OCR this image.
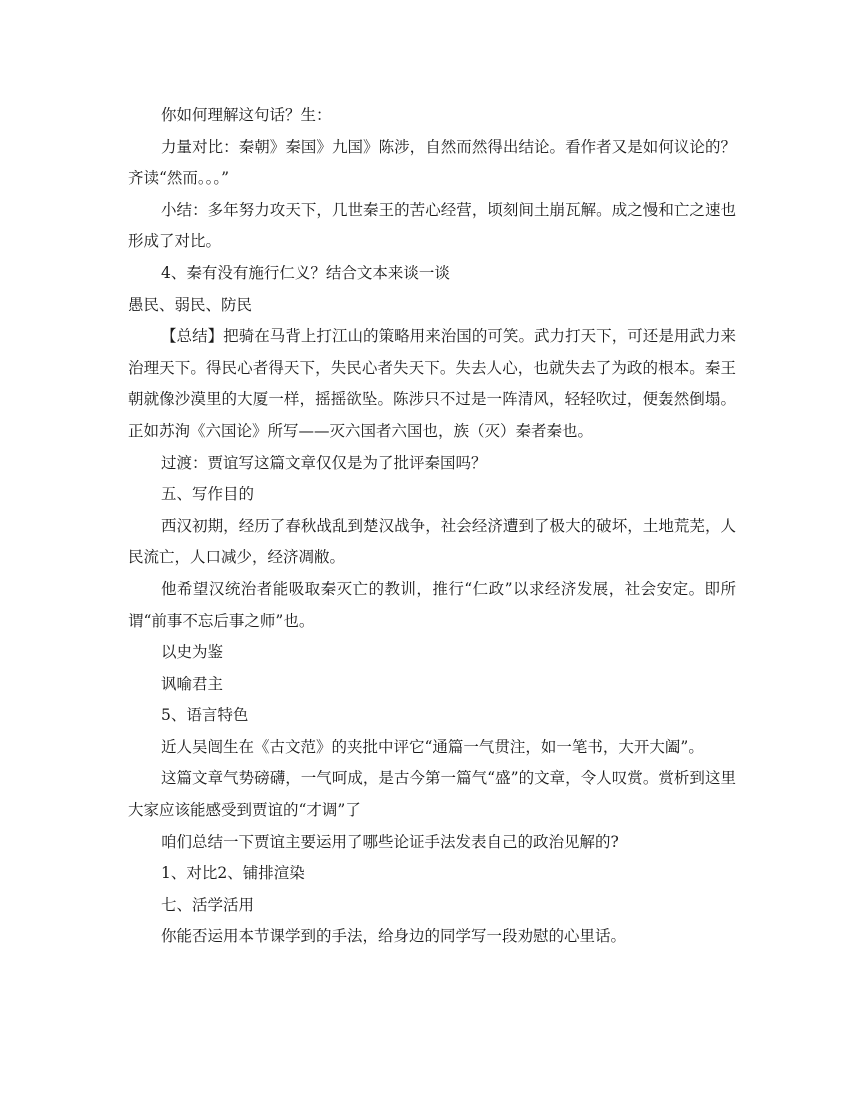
你如何理解这句话？生：

力量对比：秦朝》秦国》九国》陈涉，自然而然得出结论。看作者又是如何议论的？齐读“然而。。。”

小结：多年努力攻天下，几世秦王的苦心经营，顷刻间土崩瓦解。成之慢和亡之速也形成了对比。

4、秦有没有施行仁义？结合文本来谈一谈

愚民、弱民、防民

【总结】把骑在马背上打江山的策略用来治国的可笑。武力打天下，可还是用武力来治理天下。得民心者得天下，失民心者失天下。失去人心，也就失去了为政的根本。秦王朝就像沙漠里的大厦一样，摇摇欲坠。陈涉只不过是一阵清风，轻轻吹过，便轰然倒塌。正如苏洵《六国论》所写——灭六国者六国也，族（灭）秦者秦也。

过渡：贾谊写这篇文章仅仅是为了批评秦国吗？

五、写作目的

西汉初期，经历了春秋战乱到楚汉战争，社会经济遭到了极大的破坏，土地荒芜，人民流亡，人口减少，经济凋敝。

他希望汉统治者能吸取秦灭亡的教训，推行“仁政”以求经济发展，社会安定。即所谓“前事不忘后事之师”也。

以史为鉴

讽喻君主

5、语言特色

近人吴闿生在《古文范》的夹批中评它“通篇一气贯注，如一笔书，大开大阖”。

这篇文章气势磅礴，一气呵成，是古今第一篇气“盛”的文章，令人叹赏。赏析到这里大家应该能感受到贾谊的“才调”了

咱们总结一下贾谊主要运用了哪些论证手法发表自己的政治见解的?

1、对比2、铺排渲染

七、活学活用

你能否运用本节课学到的手法，给身边的同学写一段劝慰的心里话。
